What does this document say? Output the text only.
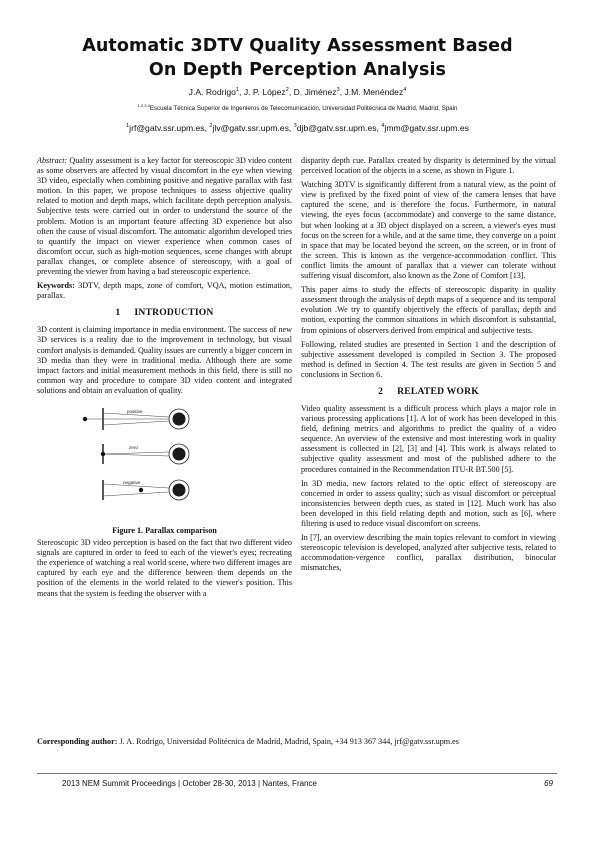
Automatic 3DTV Quality Assessment Based
On Depth Perception Analysis
J.A. Rodrigo$^1$, J. P. López$^2$, D. Jiménez$^3$, J.M. Menéndez$^4$
$^{1,2,3,4}$Escuela Técnica Superior de Ingenieros de Telecomunicación, Universidad Politécnica de Madrid, Madrid, Spain
$^1$jrf@gatv.ssr.upm.es, $^2$jlv@gatv.ssr.upm.es, $^3$djb@gatv.ssr.upm.es, $^4$jmm@gatv.ssr.upm.es

Abstract: Quality assessment is a key factor for stereoscopic 3D video content as some observers are affected by visual discomfort in the eye when viewing 3D video, especially when combining positive and negative parallax with fast motion. In this paper, we propose techniques to assess objective quality related to motion and depth maps, which facilitate depth perception analysis. Subjective tests were carried out in order to understand the source of the problem. Motion is an important feature affecting 3D experience but also often the cause of visual discomfort. The automatic algorithm developed tries to quantify the impact on viewer experience when common cases of discomfort occur, such as high-motion sequences, scene changes with abrupt parallax changes, or complete absence of stereoscopy, with a goal of preventing the viewer from having a bad stereoscopic experience.

Keywords: 3DTV, depth maps, zone of comfort, VQA, motion estimation, parallax.

1 INTRODUCTION

3D content is claiming importance in media environment. The success of new 3D services is a reality due to the improvement in technology, but visual comfort analysis is demanded. Quality issues are currently a bigger concern in 3D media than they were in traditional media. Although there are some impact factors and initial measurement methods in this field, there is still no common way and procedure to compare 3D video content and integrated solutions and obtain an evaluation of quality.

positive
zero
negative
Figure 1. Parallax comparison

Stereoscopic 3D video perception is based on the fact that two different video signals are captured in order to feed to each of the viewer's eyes; recreating the experience of watching a real world scene, where two different images are captured by each eye and the difference between them depends on the position of the elements in the world related to the viewer's position. This means that the system is feeding the observer with a

disparity depth cue. Parallax created by disparity is determined by the virtual perceived location of the objects in a scene, as shown in Figure 1.

Watching 3DTV is significantly different from a natural view, as the point of view is prefixed by the fixed point of view of the camera lenses that have captured the scene, and is therefore the focus. Furthermore, in natural viewing, the eyes focus (accommodate) and converge to the same distance, but when looking at a 3D object displayed on a screen, a viewer's eyes must focus on the screen for a while, and at the same time, they converge on a point in space that may be located beyond the screen, on the screen, or in front of the screen. This is known as the vergence-accommodation conflict. This conflict limits the amount of parallax that a viewer can tolerate without suffering visual discomfort, also known as the Zone of Comfort [13].

This paper aims to study the effects of stereoscopic disparity in quality assessment through the analysis of depth maps of a sequence and its temporal evolution .We try to quantify objectively the effects of parallax, depth and motion, exporting the common situations in which discomfort is substantial, from opinions of observers derived from empirical and subjective tests.

Following, related studies are presented in Section 1 and the description of subjective assessment developed is compiled in Section 3. The proposed method is defined in Section 4. The test results are given in Section 5 and conclusions in Section 6.

2 RELATED WORK

Video quality assessment is a difficult process which plays a major role in various processing applications [1]. A lot of work has been developed in this field, defining metrics and algorithms to predict the quality of a video sequence. An overview of the extensive and most interesting work in quality assessment is collected in [2], [3] and [4]. This work is always related to subjective quality assessment and most of the published adhere to the procedures contained in the Recommendation ITU-R BT.500 [5].

In 3D media, new factors related to the optic effect of stereoscopy are concerned in order to assess quality; such as visual discomfort or perceptual inconsistencies between depth cues, as stated in [12]. Much work has also been developed in this field relating depth and motion, such as [6], where filtering is used to reduce visual discomfort on screens.

In [7], an overview describing the main topics relevant to comfort in viewing stereoscopic television is developed, analyzed after subjective tests, related to accommodation-vergence conflict, parallax distribution, binocular mismatches,

Corresponding author: J. A. Rodrigo, Universidad Politécnica de Madrid, Madrid, Spain, +34 913 367 344, jrf@gatv.ssr.upm.es
2013 NEM Summit Proceedings | October 28-30, 2013 | Nantes, France	69
